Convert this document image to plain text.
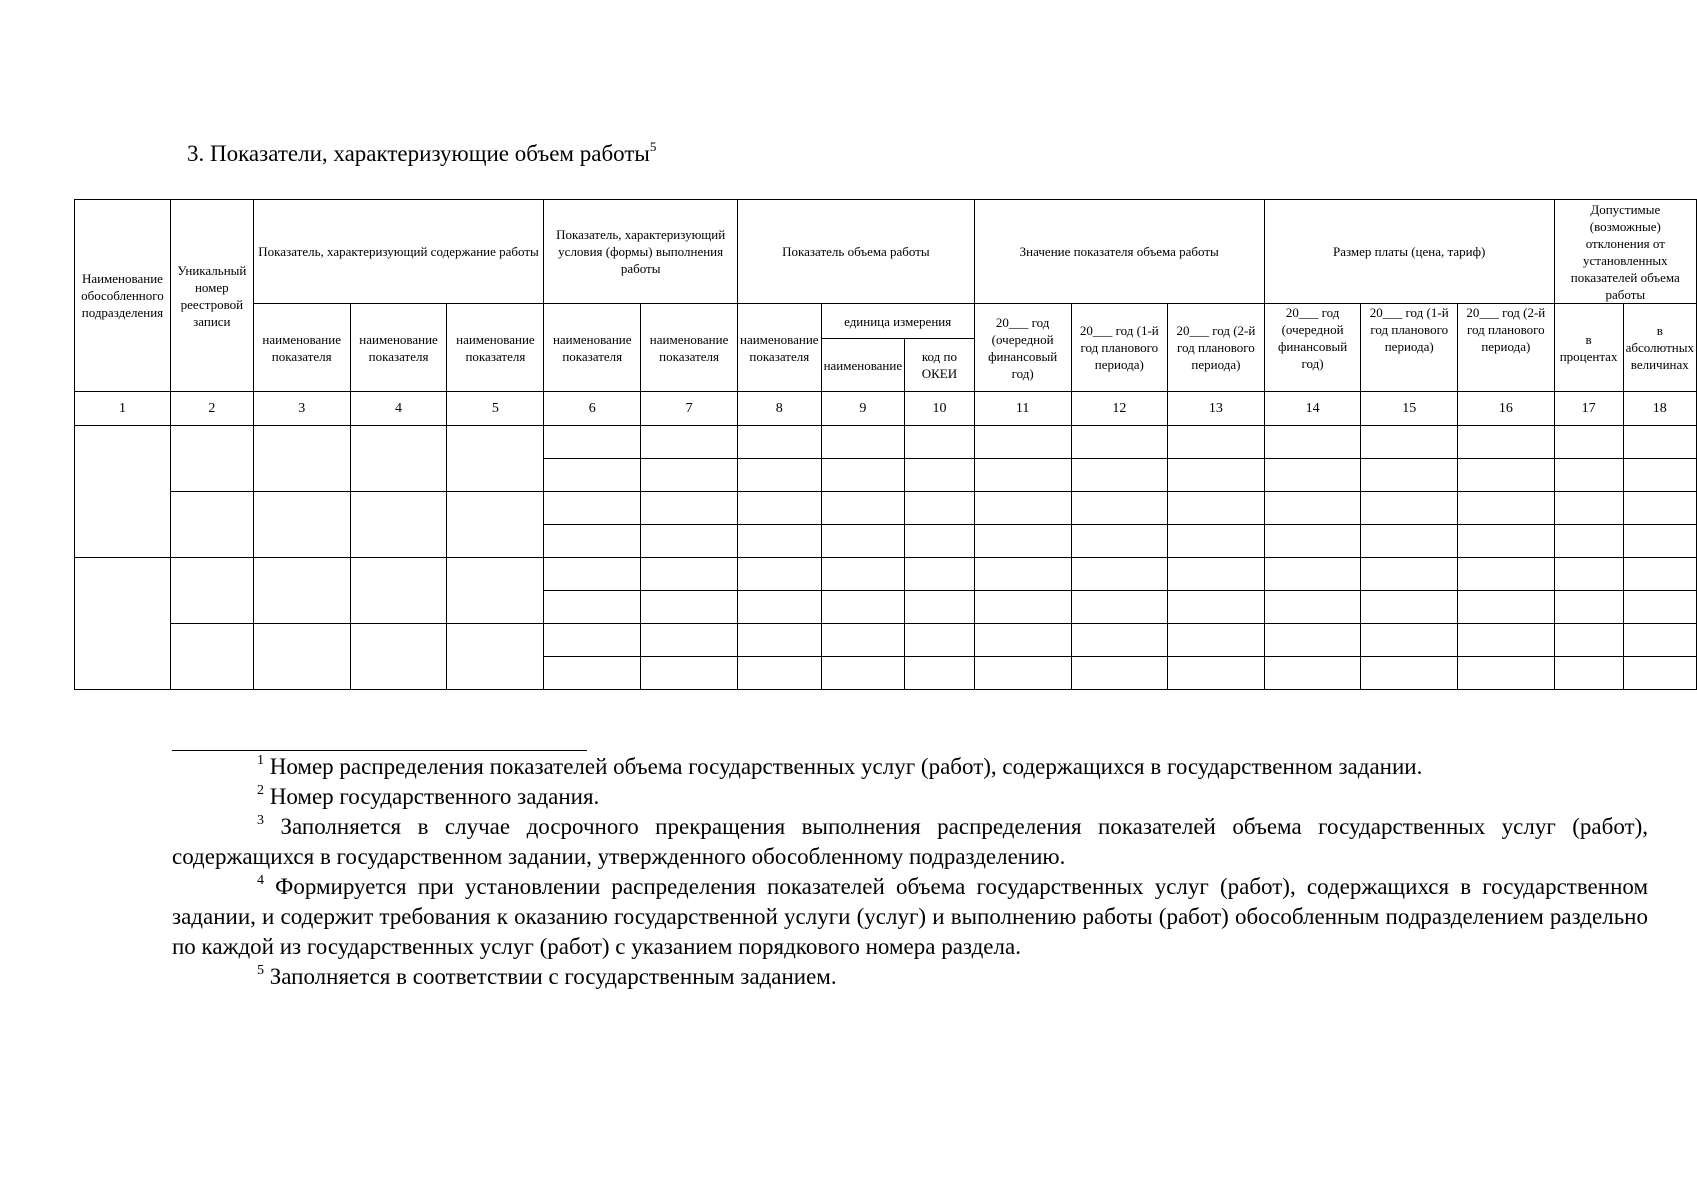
3. Показатели, характеризующие объем работы$^5$
Наименование обособленного подразделения	Уникальный номер реестровой записи	Показатель, характеризующий содержание работы			Показатель, характеризующий условия (формы) выполнения работы		Показатель объема работы			Значение показателя объема работы			Размер платы (цена, тариф)			Допустимые (возможные) отклонения от установленных показателей объема работы	
		наименование показателя	наименование показателя	наименование показателя	наименование показателя	наименование показателя	наименование показателя	единица измерения		20___ год (очередной финансовый год)	20___ год (1-й год планового периода)	20___ год (2-й год планового периода)	20___ год (очередной финансовый год)	20___ год (1-й год планового периода)	20___ год (2-й год планового периода)	в процентах	в абсолютных величинах
								наименование	код по ОКЕИ								
1	2	3	4	5	6	7	8	9	10	11	12	13	14	15	16	17	18

$^1$ Номер распределения показателей объема государственных услуг (работ), содержащихся в государственном задании.

$^2$ Номер государственного задания.

$^3$ Заполняется в случае досрочного прекращения выполнения распределения показателей объема государственных услуг (работ), содержащихся в государственном задании, утвержденного обособленному подразделению.

$^4$ Формируется при установлении распределения показателей объема государственных услуг (работ), содержащихся в государственном задании, и содержит требования к оказанию государственной услуги (услуг) и выполнению работы (работ) обособленным подразделением раздельно по каждой из государственных услуг (работ) с указанием порядкового номера раздела.

$^5$ Заполняется в соответствии с государственным заданием.
